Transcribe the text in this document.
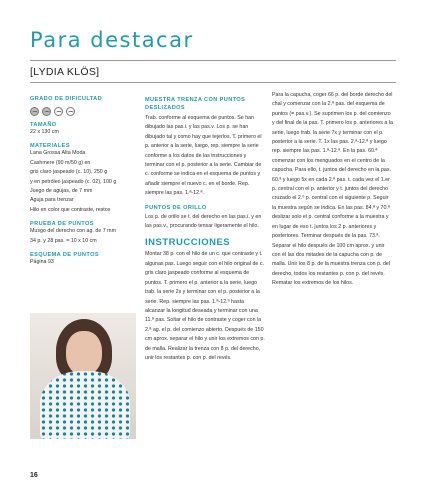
Para destacar
[LYDIA KLÖS]

GRADO DE DIFICULTAD

TAMAÑO

22 x 130 cm

MATERIALES

Lana Grossa Alta Moda

Cashmere (90 m/50 g) en

gris claro jaspeado (c. 10), 250 g

y en petróleo jaspeado (c. 02), 100 g

Juego de agujas, de 7 mm

Aguja para trenzar

Hilo en color que contraste, restos

PRUEBA DE PUNTOS

Musgo del derecho con ag. de 7 mm

34 p. y 28 pas. = 10 x 10 cm

ESQUEMA DE PUNTOS

Página 93

MUESTRA TRENZA CON PUNTOS DESLIZADOS

Trab. conforme al esquema de puntos. Se han dibujado las pas.i. y las pas.v. Los p. se han dibujado tal y como hay que tejerlos. T. primero el p. anterior a la serie, luego, rep. siempre la serie conforme a los datos de las instrucciones y terminar con el p. posterior a la serie. Cambiar de c. conforme se indica en el esquema de puntos y añadir siempre el nuevo c. en el borde. Rep. siempre las pas. 1.ª-12.ª.

PUNTOS DE ORILLO

Los p. de orillo se t. del derecho en las pas.i. y en las pas.v., procurando tensar ligeramente el hilo.

INSTRUCCIONES

Montar 38 p. con el hilo de un c. que contraste y t. algunas pas. Luego seguir con el hilo original de c. gris claro jaspeado conforme al esquema de puntos. T. primero el p. anterior a la serie, luego trab. la serie 2x y terminar con el p. posterior a la serie. Rep. siempre las pas. 1.ª-12.ª hasta alcanzar la longitud deseada y terminar con una 11.ª pas. Soltar el hilo de contraste y coger con la 2.ª ag. el p. del comienzo abierto. Después de 150 cm aprox. separar el hilo y unir los extremos con p. de malla. Realizar la trenza con 8 p. del derecho, unir los restantes p. con p. del revés.

Para la capucha, coger 66 p. del borde derecho del chal y comenzar con la 2.ª pas. del esquema de puntos (= pas.v.). Se suprimen los p. del comienzo y del final de la pas. T. primero los p. anteriores a la serie, luego trab. la serie 7x y terminar con el p. posterior a la serie. T. 1x las pas. 2.ª-12.ª y luego rep. siempre las pas. 1.ª-12.ª. En la pas. 60.ª comenzar con los menguados en el centro de la capucha. Para ello, t. juntos del derecho en la pas. 60.ª y luego 5x en cada 2.ª pas. t. cada vez el 1.er p. central con el p. anterior y t. juntos del derecho cruzado el 2.º p. central con el siguiente p. Seguir la muestra según se indica. En las pas. 84.ª y 70.ª deslizar solo el p. central conforme a la muestra y en lugar de eso t. juntos los 2 p. anteriores y posteriores. Terminar después de la pas. 73.ª. Separar el hilo después de 100 cm aprox. y unir con él las dos mitades de la capucha con p. de malla. Unir los 8 p. de la muestra trenza con p. del derecho, todos los restantes p. con p. del revés. Rematar los extremos de los hilos.

16
